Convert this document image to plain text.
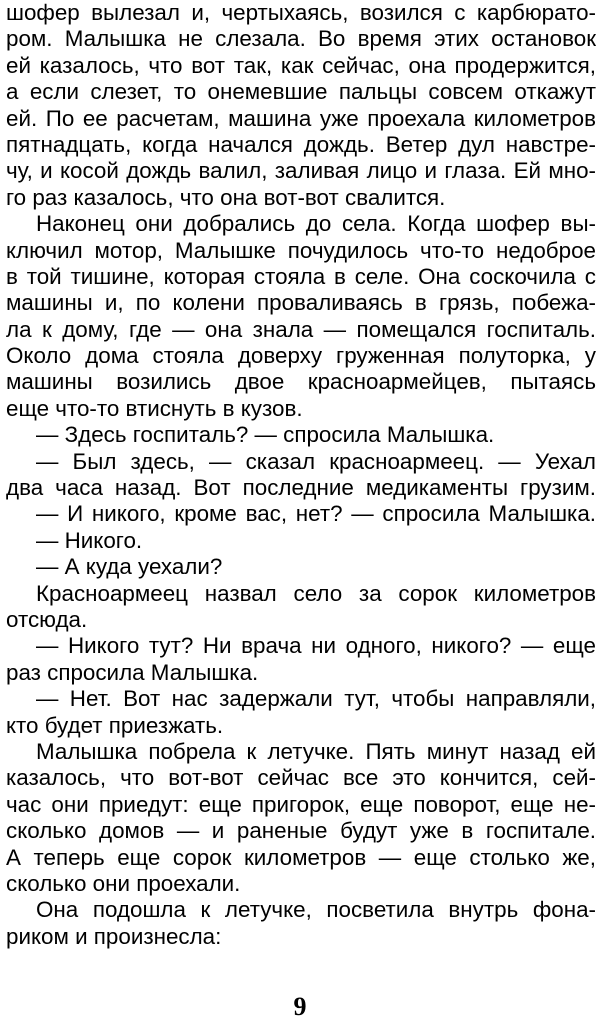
шофер вылезал и, чертыхаясь, возился с карбюрато-
ром. Малышка не слезала. Во время этих остановок
ей казалось, что вот так, как сейчас, она продержится,
а если слезет, то онемевшие пальцы совсем откажут
ей. По ее расчетам, машина уже проехала километров
пятнадцать, когда начался дождь. Ветер дул навстре-
чу, и косой дождь валил, заливая лицо и глаза. Ей мно-
го раз казалось, что она вот-вот свалится.
Наконец они добрались до села. Когда шофер вы-
ключил мотор, Малышке почудилось что-то недоброе
в той тишине, которая стояла в селе. Она соскочила с
машины и, по колени проваливаясь в грязь, побежа-
ла к дому, где — она знала — помещался госпиталь.
Около дома стояла доверху груженная полуторка, у
машины возились двое красноармейцев, пытаясь
еще что-то втиснуть в кузов.
— Здесь госпиталь? — спросила Малышка.
— Был здесь, — сказал красноармеец. — Уехал
два часа назад. Вот последние медикаменты грузим.
— И никого, кроме вас, нет? — спросила Малышка.
— Никого.
— А куда уехали?
Красноармеец назвал село за сорок километров
отсюда.
— Никого тут? Ни врача ни одного, никого? — еще
раз спросила Малышка.
— Нет. Вот нас задержали тут, чтобы направляли,
кто будет приезжать.
Малышка побрела к летучке. Пять минут назад ей
казалось, что вот-вот сейчас все это кончится, сей-
час они приедут: еще пригорок, еще поворот, еще не-
сколько домов — и раненые будут уже в госпитале.
А теперь еще сорок километров — еще столько же,
сколько они проехали.
Она подошла к летучке, посветила внутрь фона-
риком и произнесла:
9
